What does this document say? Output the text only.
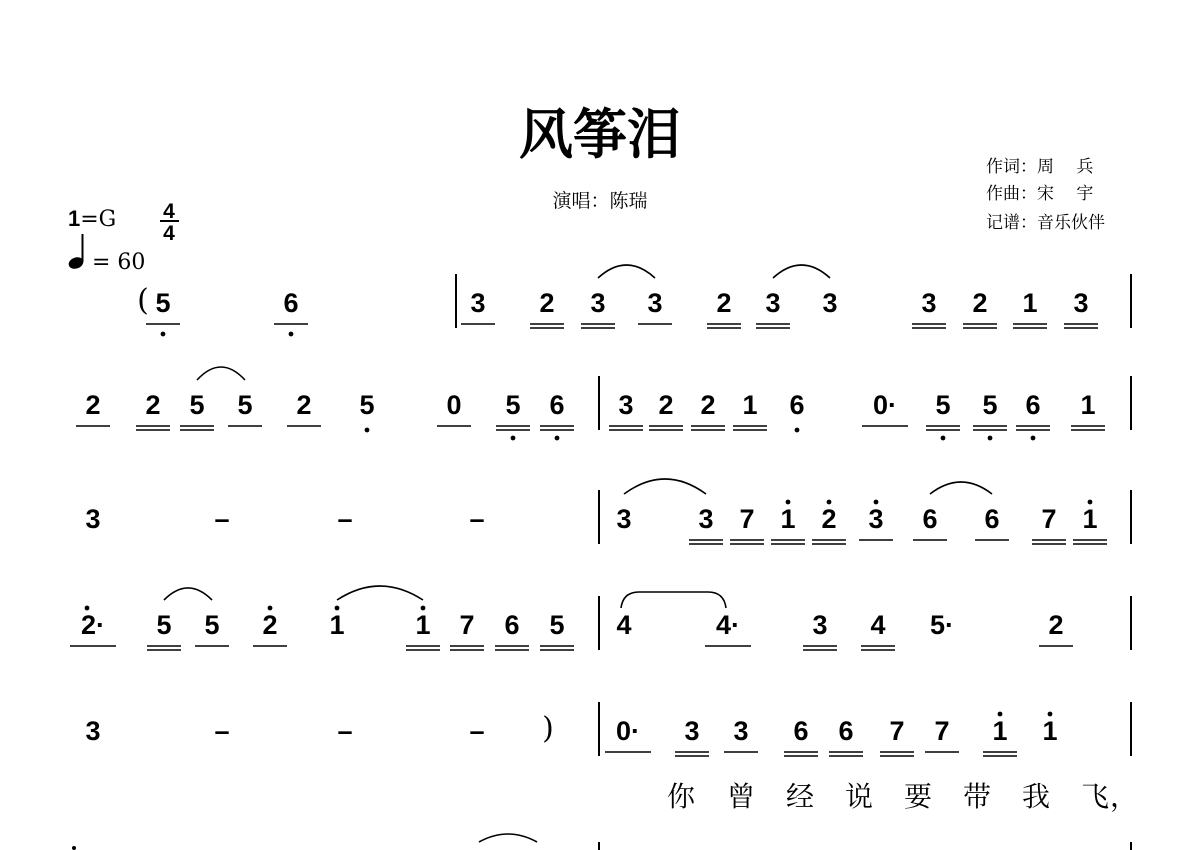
风筝泪
演唱：陈瑞
作词：周　 兵
作曲：宋　 宇
记谱：音乐伙伴
1=G 4
4
= 60
5	6	3 2 3 3 2 3 3	3 2 1 3
(
2 2 5 5 2 5	0 5 6 3 2 2 1 6	0· 5 5 6 1
3	–	–	–	3 3 7 1 2 3 6 6 7 1
2· 5 5 2 1	1 7 6 5 4	4·	3 4 5·	2
3	–	–	–	0· 3 3 6 6 7 7 1 1
)
你 曾 经 说 要 带 我 飞 ，
